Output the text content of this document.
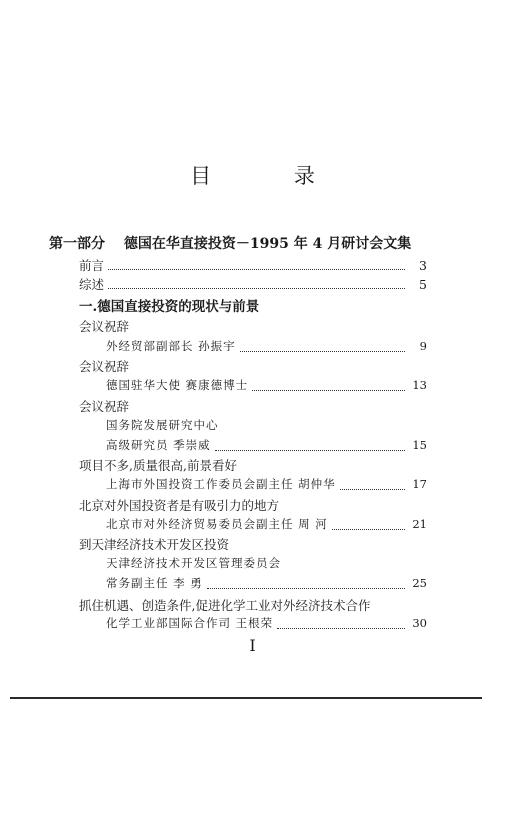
目 录
第一部分 德国在华直接投资－1995 年 4 月研讨会文集
前言	3
综述	5
一.德国直接投资的现状与前景
会议祝辞
外经贸部副部长 孙振宇	9
会议祝辞
德国驻华大使 赛康德博士	13
会议祝辞
国务院发展研究中心
高级研究员 季崇威	15
项目不多,质量很高,前景看好
上海市外国投资工作委员会副主任 胡仲华	17
北京对外国投资者是有吸引力的地方
北京市对外经济贸易委员会副主任 周 河	21
到天津经济技术开发区投资
天津经济技术开发区管理委员会
常务副主任 李 勇	25
抓住机遇、创造条件,促进化学工业对外经济技术合作
化学工业部国际合作司 王根荣	30
I
